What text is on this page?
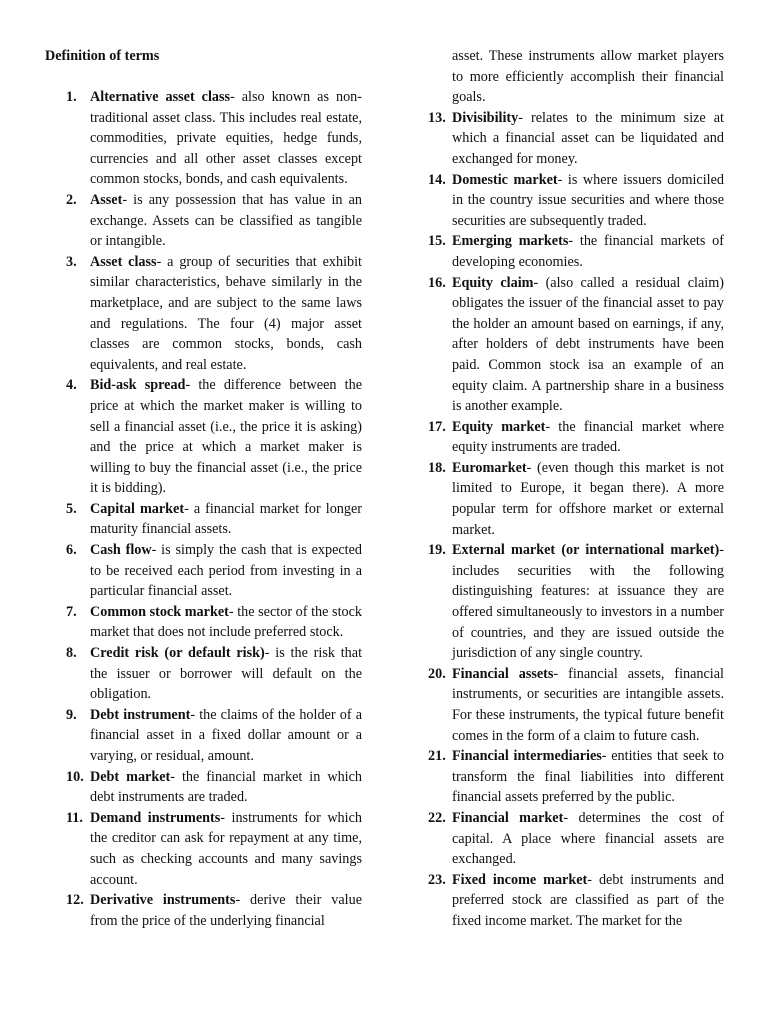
Definition of terms
1. Alternative asset class- also known as non-traditional asset class. This includes real estate, commodities, private equities, hedge funds, currencies and all other asset classes except common stocks, bonds, and cash equivalents.
2. Asset- is any possession that has value in an exchange. Assets can be classified as tangible or intangible.
3. Asset class- a group of securities that exhibit similar characteristics, behave similarly in the marketplace, and are subject to the same laws and regulations. The four (4) major asset classes are common stocks, bonds, cash equivalents, and real estate.
4. Bid-ask spread- the difference between the price at which the market maker is willing to sell a financial asset (i.e., the price it is asking) and the price at which a market maker is willing to buy the financial asset (i.e., the price it is bidding).
5. Capital market- a financial market for longer maturity financial assets.
6. Cash flow- is simply the cash that is expected to be received each period from investing in a particular financial asset.
7. Common stock market- the sector of the stock market that does not include preferred stock.
8. Credit risk (or default risk)- is the risk that the issuer or borrower will default on the obligation.
9. Debt instrument- the claims of the holder of a financial asset in a fixed dollar amount or a varying, or residual, amount.
10. Debt market- the financial market in which debt instruments are traded.
11. Demand instruments- instruments for which the creditor can ask for repayment at any time, such as checking accounts and many savings account.
12. Derivative instruments- derive their value from the price of the underlying financial
asset. These instruments allow market players to more efficiently accomplish their financial goals.
13. Divisibility- relates to the minimum size at which a financial asset can be liquidated and exchanged for money.
14. Domestic market- is where issuers domiciled in the country issue securities and where those securities are subsequently traded.
15. Emerging markets- the financial markets of developing economies.
16. Equity claim- (also called a residual claim) obligates the issuer of the financial asset to pay the holder an amount based on earnings, if any, after holders of debt instruments have been paid. Common stock isa an example of an equity claim. A partnership share in a business is another example.
17. Equity market- the financial market where equity instruments are traded.
18. Euromarket- (even though this market is not limited to Europe, it began there). A more popular term for offshore market or external market.
19. External market (or international market)- includes securities with the following distinguishing features: at issuance they are offered simultaneously to investors in a number of countries, and they are issued outside the jurisdiction of any single country.
20. Financial assets- financial assets, financial instruments, or securities are intangible assets. For these instruments, the typical future benefit comes in the form of a claim to future cash.
21. Financial intermediaries- entities that seek to transform the final liabilities into different financial assets preferred by the public.
22. Financial market- determines the cost of capital. A place where financial assets are exchanged.
23. Fixed income market- debt instruments and preferred stock are classified as part of the fixed income market. The market for the
